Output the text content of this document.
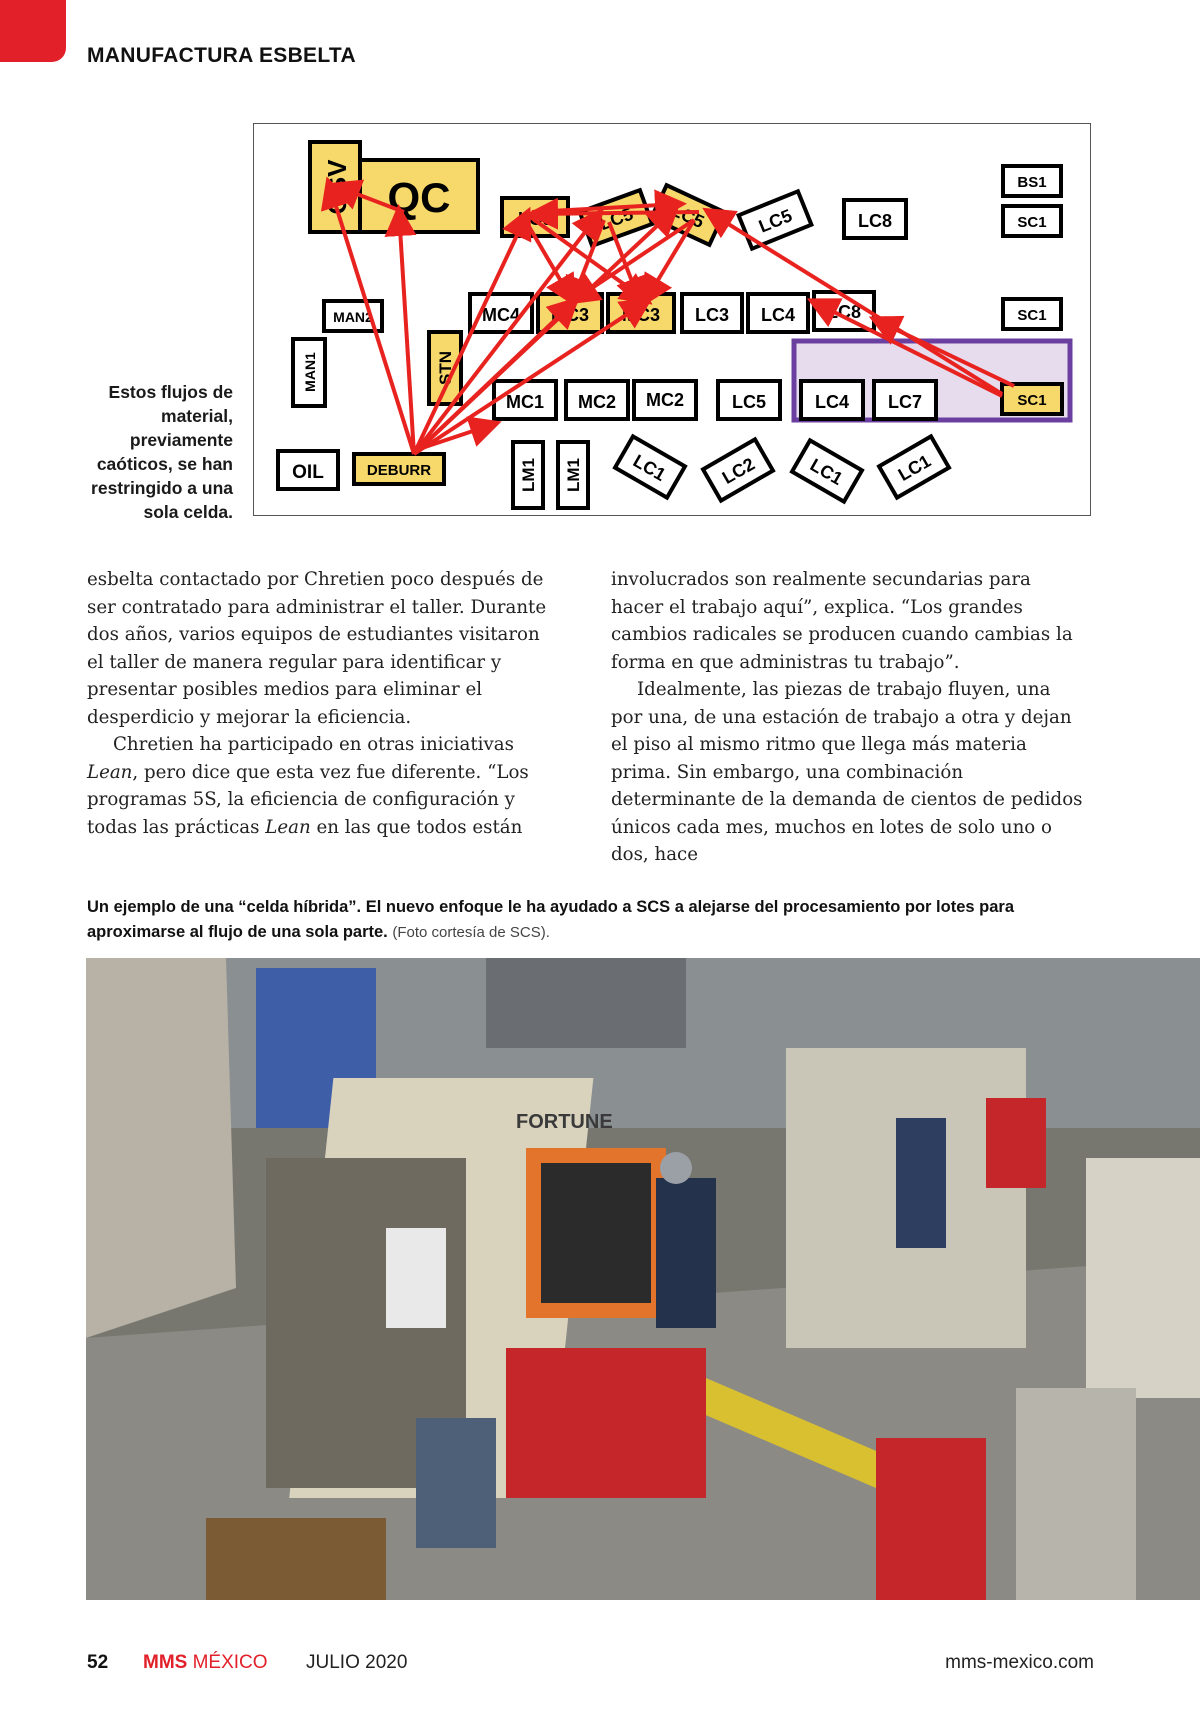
MANUFACTURA ESBELTA
Estos flujos de material, previamente caóticos, se han restringido a una sola celda.
OSV QC	LC6 LC5 LC5	LC5	LC8
BS1
SC1
MAN2
MAN1	STN
MC4 MC3 MC3 LC3 LC4 LC8	SC1
MC1 MC2 MC2	LC5	LC4 LC7	SC1
OIL	DEBURR	LM1 LM1	LC1	LC2	LC1	LC1

esbelta contactado por Chretien poco después de ser contratado para administrar el taller. Durante dos años, varios equipos de estudiantes visitaron el taller de manera regular para identificar y presentar posibles medios para eliminar el desperdicio y mejorar la eficiencia.

Chretien ha participado en otras iniciativas Lean, pero dice que esta vez fue diferente. “Los programas 5S, la eficiencia de configuración y todas las prácticas Lean en las que todos están

involucrados son realmente secundarias para hacer el trabajo aquí”, explica. “Los grandes cambios radicales se producen cuando cambias la forma en que administras tu trabajo”.

Idealmente, las piezas de trabajo fluyen, una por una, de una estación de trabajo a otra y dejan el piso al mismo ritmo que llega más materia prima. Sin embargo, una combinación determinante de la demanda de cientos de pedidos únicos cada mes, muchos en lotes de solo uno o dos, hace

Un ejemplo de una “celda híbrida”. El nuevo enfoque le ha ayudado a SCS a alejarse del procesamiento por lotes para aproximarse al flujo de una sola parte. (Foto cortesía de SCS).
FORTUNE
52 MMS MÉXICO JULIO 2020	mms-mexico.com
